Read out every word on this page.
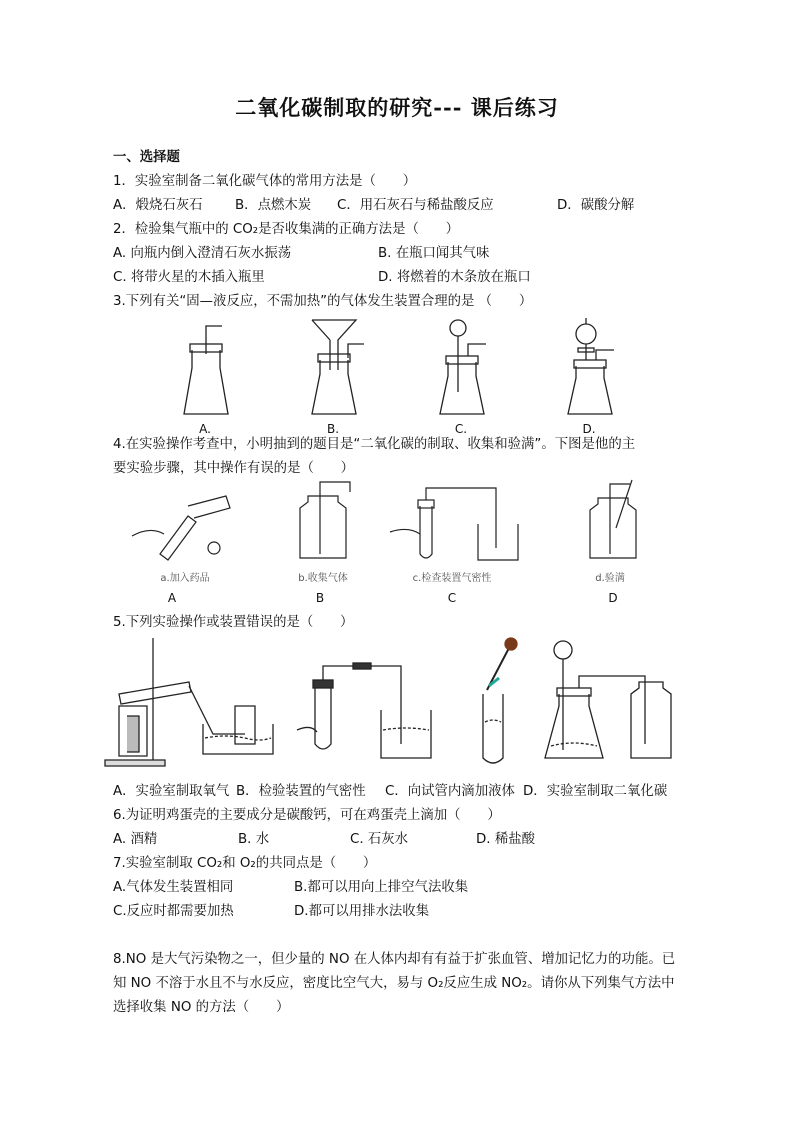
二氧化碳制取的研究--- 课后练习
一、选择题
1．实验室制备二氧化碳气体的常用方法是（　　）
A．煅烧石灰石 B．点燃木炭 C．用石灰石与稀盐酸反应	D．碳酸分解
2．检验集气瓶中的 CO₂是否收集满的正确方法是（　　）
A. 向瓶内倒入澄清石灰水振荡	B. 在瓶口闻其气味
C. 将带火星的木插入瓶里	D. 将燃着的木条放在瓶口
3.下列有关“固—液反应，不需加热”的气体发生装置合理的是 （　　）
A.	B.	C.	D.
4.在实验操作考查中，小明抽到的题目是“二氧化碳的制取、收集和验满”。下图是他的主
要实验步骤，其中操作有误的是（　　）
a.加入药品	b.收集气体	c.检查装置气密性	d.验满
A	B	C	D
5.下列实验操作或装置错误的是（　　）
A．实验室制取氧气 B．检验装置的气密性 C．向试管内滴加液体 D．实验室制取二氧化碳
6.为证明鸡蛋壳的主要成分是碳酸钙，可在鸡蛋壳上滴加（　　）
A. 酒精	B. 水	C. 石灰水	D. 稀盐酸
7.实验室制取 CO₂和 O₂的共同点是（　　）
A.气体发生装置相同	B.都可以用向上排空气法收集
C.反应时都需要加热	D.都可以用排水法收集
8.NO 是大气污染物之一，但少量的 NO 在人体内却有有益于扩张血管、增加记忆力的功能。已
知 NO 不溶于水且不与水反应，密度比空气大，易与 O₂反应生成 NO₂。请你从下列集气方法中
选择收集 NO 的方法（　　）
